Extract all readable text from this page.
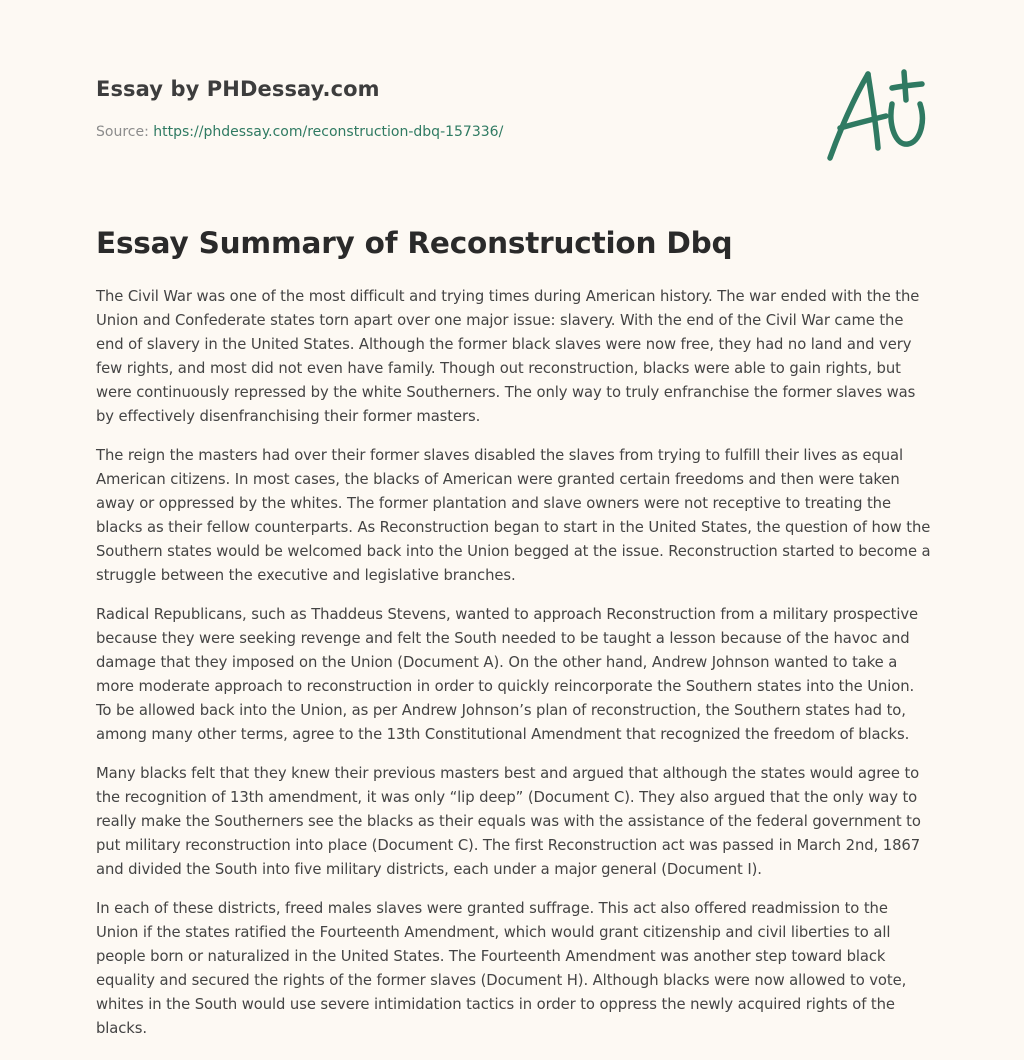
Essay by PHDessay.com
Source: https://phdessay.com/reconstruction-dbq-157336/
Essay Summary of Reconstruction Dbq

The Civil War was one of the most difficult and trying times during American history. The war ended with the the Union and Confederate states torn apart over one major issue: slavery. With the end of the Civil War came the end of slavery in the United States. Although the former black slaves were now free, they had no land and very few rights, and most did not even have family. Though out reconstruction, blacks were able to gain rights, but were continuously repressed by the white Southerners. The only way to truly enfranchise the former slaves was by effectively disenfranchising their former masters.

The reign the masters had over their former slaves disabled the slaves from trying to fulfill their lives as equal American citizens. In most cases, the blacks of American were granted certain freedoms and then were taken away or oppressed by the whites. The former plantation and slave owners were not receptive to treating the blacks as their fellow counterparts. As Reconstruction began to start in the United States, the question of how the Southern states would be welcomed back into the Union begged at the issue. Reconstruction started to become a struggle between the executive and legislative branches.

Radical Republicans, such as Thaddeus Stevens, wanted to approach Reconstruction from a military prospective because they were seeking revenge and felt the South needed to be taught a lesson because of the havoc and damage that they imposed on the Union (Document A). On the other hand, Andrew Johnson wanted to take a more moderate approach to reconstruction in order to quickly reincorporate the Southern states into the Union. To be allowed back into the Union, as per Andrew Johnson’s plan of reconstruction, the Southern states had to, among many other terms, agree to the 13th Constitutional Amendment that recognized the freedom of blacks.

Many blacks felt that they knew their previous masters best and argued that although the states would agree to the recognition of 13th amendment, it was only “lip deep” (Document C). They also argued that the only way to really make the Southerners see the blacks as their equals was with the assistance of the federal government to put military reconstruction into place (Document C). The first Reconstruction act was passed in March 2nd, 1867 and divided the South into five military districts, each under a major general (Document I).

In each of these districts, freed males slaves were granted suffrage. This act also offered readmission to the Union if the states ratified the Fourteenth Amendment, which would grant citizenship and civil liberties to all people born or naturalized in the United States. The Fourteenth Amendment was another step toward black equality and secured the rights of the former slaves (Document H). Although blacks were now allowed to vote, whites in the South would use severe intimidation tactics in order to oppress the newly acquired rights of the blacks.
